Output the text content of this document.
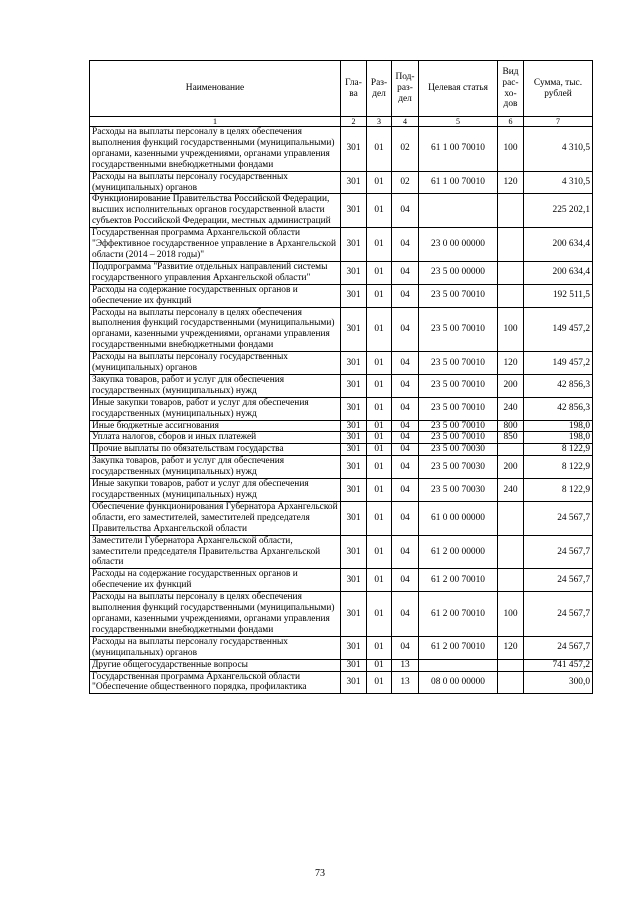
Наименование	Гла-ва	Раз-дел	Под-раз-дел	Целевая статья	Вид рас-хо-дов	Сумма, тыс. рублей
1	2	3	4	5	6	7
Расходы на выплаты персоналу в целях обеспечения выполнения функций государственными (муниципальными) органами, казенными учреждениями, органами управления государственными внебюджетными фондами	301	01	02	61 1 00 70010	100	4 310,5
Расходы на выплаты персоналу государственных (муниципальных) органов	301	01	02	61 1 00 70010	120	4 310,5
Функционирование Правительства Российской Федерации, высших исполнительных органов государственной власти субъектов Российской Федерации, местных администраций	301	01	04			225 202,1
Государственная программа Архангельской области "Эффективное государственное управление в Архангельской области (2014 – 2018 годы)"	301	01	04	23 0 00 00000		200 634,4
Подпрограмма "Развитие отдельных направлений системы государственного управления Архангельской области"	301	01	04	23 5 00 00000		200 634,4
Расходы на содержание государственных органов и обеспечение их функций	301	01	04	23 5 00 70010		192 511,5
Расходы на выплаты персоналу в целях обеспечения выполнения функций государственными (муниципальными) органами, казенными учреждениями, органами управления государственными внебюджетными фондами	301	01	04	23 5 00 70010	100	149 457,2
Расходы на выплаты персоналу государственных (муниципальных) органов	301	01	04	23 5 00 70010	120	149 457,2
Закупка товаров, работ и услуг для обеспечения государственных (муниципальных) нужд	301	01	04	23 5 00 70010	200	42 856,3
Иные закупки товаров, работ и услуг для обеспечения государственных (муниципальных) нужд	301	01	04	23 5 00 70010	240	42 856,3
Иные бюджетные ассигнования	301	01	04	23 5 00 70010	800	198,0
Уплата налогов, сборов и иных платежей	301	01	04	23 5 00 70010	850	198,0
Прочие выплаты по обязательствам государства	301	01	04	23 5 00 70030		8 122,9
Закупка товаров, работ и услуг для обеспечения государственных (муниципальных) нужд	301	01	04	23 5 00 70030	200	8 122,9
Иные закупки товаров, работ и услуг для обеспечения государственных (муниципальных) нужд	301	01	04	23 5 00 70030	240	8 122,9
Обеспечение функционирования Губернатора Архангельской области, его заместителей, заместителей председателя Правительства Архангельской области	301	01	04	61 0 00 00000		24 567,7
Заместители Губернатора Архангельской области, заместители председателя Правительства Архангельской области	301	01	04	61 2 00 00000		24 567,7
Расходы на содержание государственных органов и обеспечение их функций	301	01	04	61 2 00 70010		24 567,7
Расходы на выплаты персоналу в целях обеспечения выполнения функций государственными (муниципальными) органами, казенными учреждениями, органами управления государственными внебюджетными фондами	301	01	04	61 2 00 70010	100	24 567,7
Расходы на выплаты персоналу государственных (муниципальных) органов	301	01	04	61 2 00 70010	120	24 567,7
Другие общегосударственные вопросы	301	01	13			741 457,2
Государственная программа Архангельской области "Обеспечение общественного порядка, профилактика	301	01	13	08 0 00 00000		300,0
73
